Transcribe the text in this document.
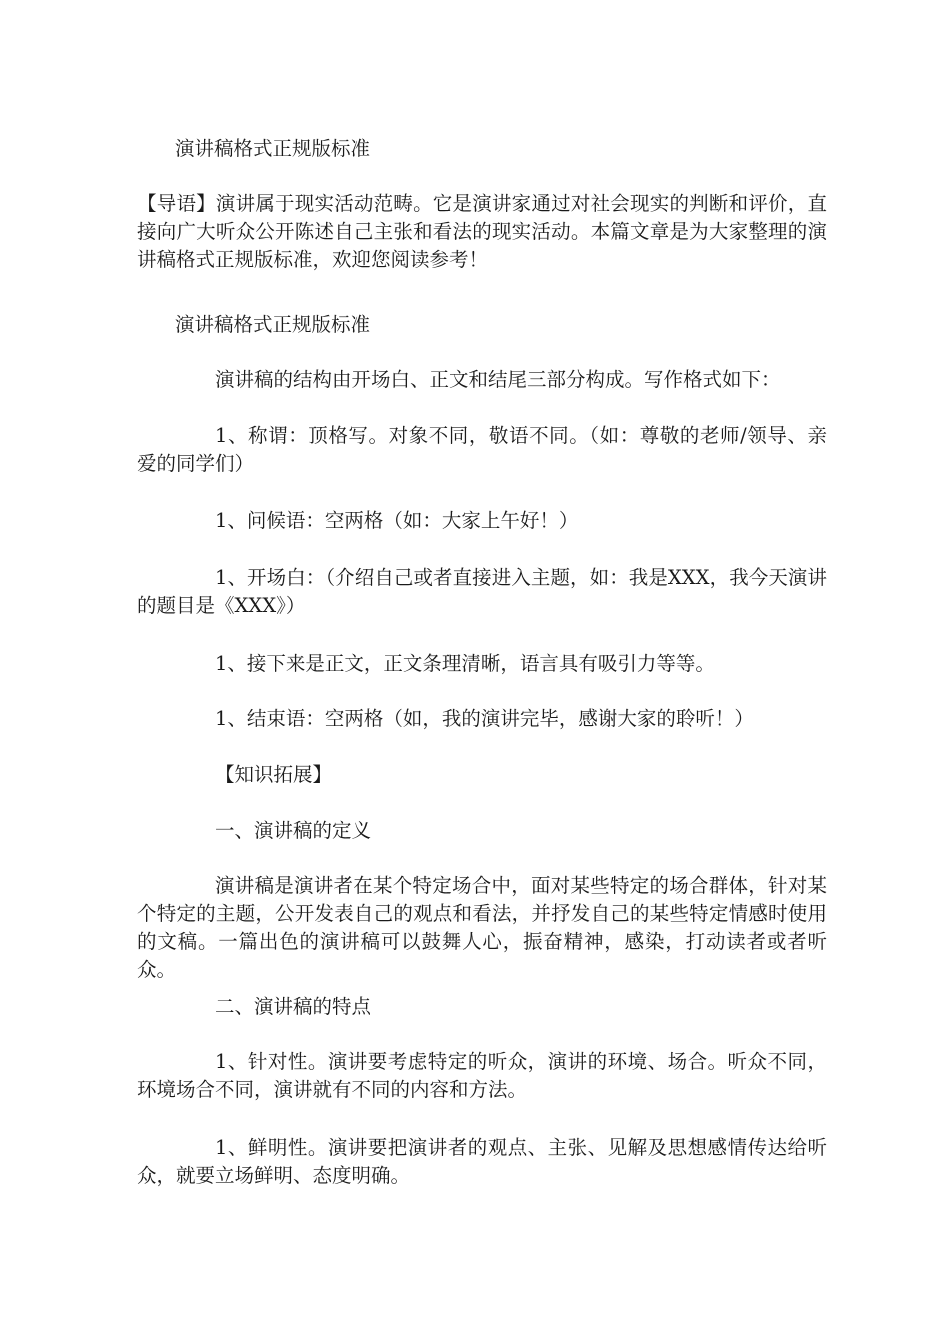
演讲稿格式正规版标准

【导语】演讲属于现实活动范畴。它是演讲家通过对社会现实的判断和评价，直接向广大听众公开陈述自己主张和看法的现实活动。本篇文章是为大家整理的演讲稿格式正规版标准，欢迎您阅读参考！

演讲稿格式正规版标准

演讲稿的结构由开场白、正文和结尾三部分构成。写作格式如下：

1、称谓：顶格写。对象不同，敬语不同。（如：尊敬的老师/领导、亲爱的同学们）

1、问候语：空两格（如：大家上午好！）

1、开场白：（介绍自己或者直接进入主题，如：我是XXX，我今天演讲的题目是《XXX》）

1、接下来是正文，正文条理清晰，语言具有吸引力等等。

1、结束语：空两格（如，我的演讲完毕，感谢大家的聆听！）

【知识拓展】

一、演讲稿的定义

演讲稿是演讲者在某个特定场合中，面对某些特定的场合群体，针对某个特定的主题，公开发表自己的观点和看法，并抒发自己的某些特定情感时使用的文稿。一篇出色的演讲稿可以鼓舞人心，振奋精神，感染，打动读者或者听众。

二、演讲稿的特点

1、针对性。演讲要考虑特定的听众，演讲的环境、场合。听众不同，环境场合不同，演讲就有不同的内容和方法。

1、鲜明性。演讲要把演讲者的观点、主张、见解及思想感情传达给听众，就要立场鲜明、态度明确。
